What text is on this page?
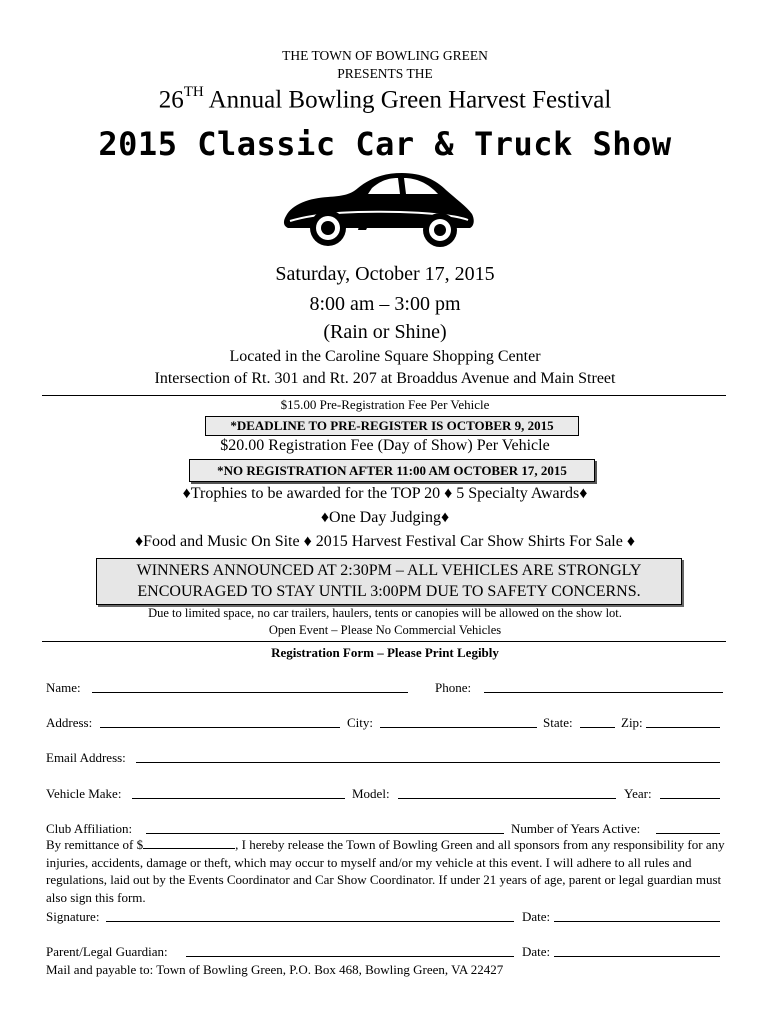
THE TOWN OF BOWLING GREEN
PRESENTS THE
26TH Annual Bowling Green Harvest Festival
2015 Classic Car & Truck Show
Saturday, October 17, 2015
8:00 am – 3:00 pm
(Rain or Shine)
Located in the Caroline Square Shopping Center
Intersection of Rt. 301 and Rt. 207 at Broaddus Avenue and Main Street
$15.00 Pre-Registration Fee Per Vehicle
*DEADLINE TO PRE-REGISTER IS OCTOBER 9, 2015
$20.00 Registration Fee (Day of Show) Per Vehicle
*NO REGISTRATION AFTER 11:00 AM OCTOBER 17, 2015
♦Trophies to be awarded for the TOP 20 ♦ 5 Specialty Awards♦
♦One Day Judging♦
♦Food and Music On Site ♦ 2015 Harvest Festival Car Show Shirts For Sale ♦
WINNERS ANNOUNCED AT 2:30PM – ALL VEHICLES ARE STRONGLY
ENCOURAGED TO STAY UNTIL 3:00PM DUE TO SAFETY CONCERNS.
Due to limited space, no car trailers, haulers, tents or canopies will be allowed on the show lot.
Open Event – Please No Commercial Vehicles
Registration Form – Please Print Legibly
Name:	Phone:
Address:	City:	State:	Zip:
Email Address:
Vehicle Make:	Model:	Year:
Club Affiliation:	Number of Years Active:
By remittance of $	, I hereby release the Town of Bowling Green and all sponsors from any responsibility for any injuries, accidents, damage or theft, which may occur to myself and/or my vehicle at this event. I will adhere to all rules and regulations, laid out by the Events Coordinator and Car Show Coordinator. If under 21 years of age, parent or legal guardian must also sign this form.
Signature:	Date:
Parent/Legal Guardian:	Date:
Mail and payable to: Town of Bowling Green, P.O. Box 468, Bowling Green, VA 22427
